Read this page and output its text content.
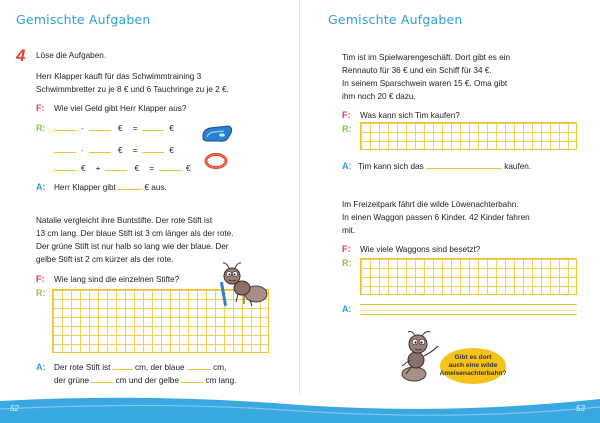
Gemischte Aufgaben
4 Löse die Aufgaben.
Herr Klapper kauft für das Schwimmtraining 3
Schwimmbretter zu je 8 € und 6 Tauchringe zu je 2 €.
F: Wie viel Geld gibt Herr Klapper aus?
R:	·	€ =	€
·	€ =	€
€ +	€ =	€
A: Herr Klapper gibt	€ aus.
Natalie vergleicht ihre Buntstifte. Der rote Stift ist
13 cm lang. Der blaue Stift ist 3 cm länger als der rote.
Der grüne Stift ist nur halb so lang wie der blaue. Der
gelbe Stift ist 2 cm kürzer als der rote.
F: Wie lang sind die einzelnen Stifte?
R:
A: Der rote Stift ist	cm, der blaue	cm,
der grüne	cm und der gelbe	cm lang.
Gemischte Aufgaben
Tim ist im Spielwarengeschäft. Dort gibt es ein
Rennauto für 36 € und ein Schiff für 34 €.
In seinem Sparschwein waren 15 €. Oma gibt
ihm noch 20 € dazu.
F: Was kann sich Tim kaufen?
R:
A: Tim kann sich das	kaufen.
Im Freizeitpark fährt die wilde Löwenachterbahn.
In einen Waggon passen 6 Kinder. 42 Kinder fahren
mit.
F: Wie viele Waggons sind besetzt?
R:
A:
Gibt es dort
auch eine wilde
Ameisenachterbahn?
52	53
